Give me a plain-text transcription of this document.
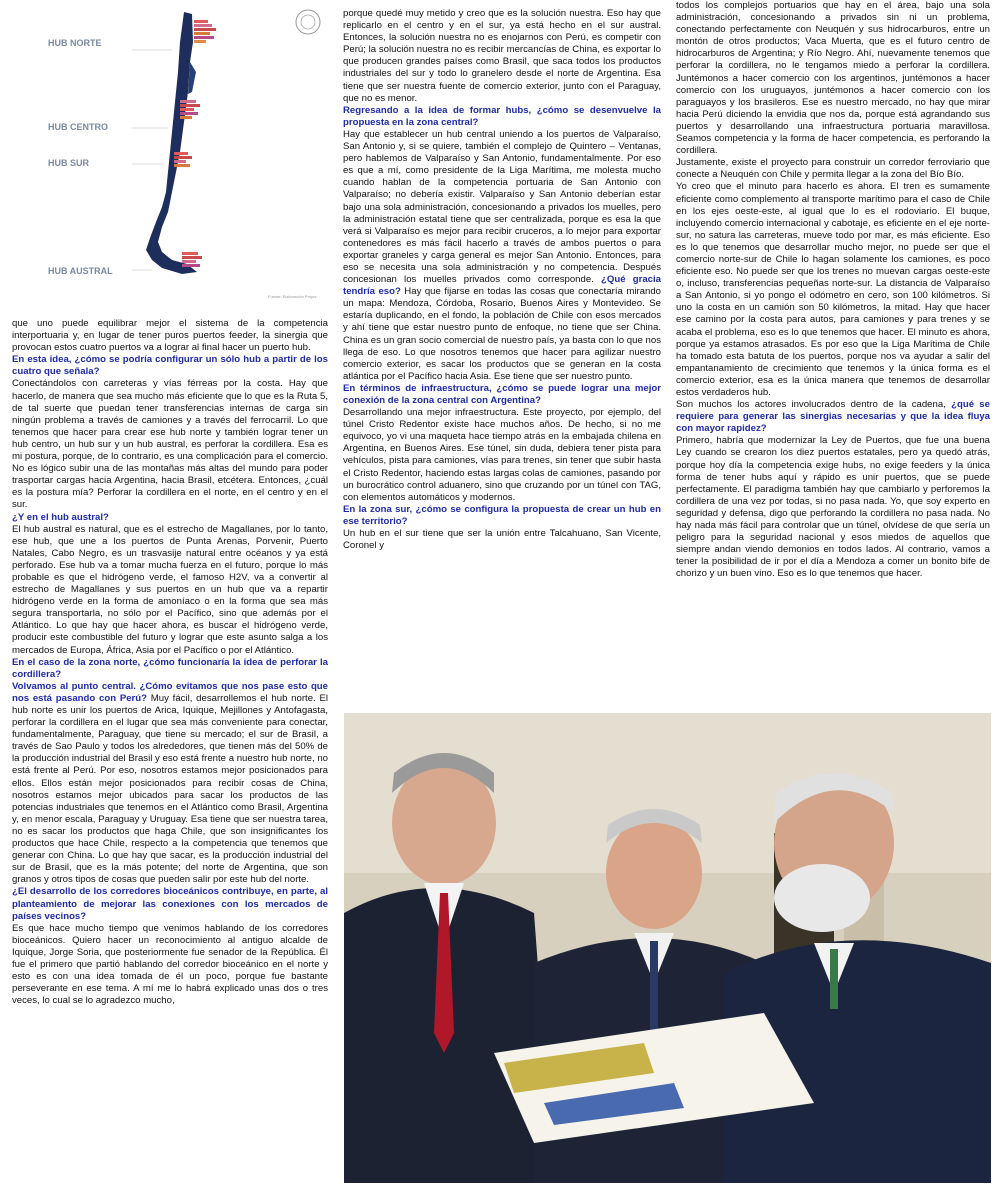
HUB NORTE
HUB CENTRO
HUB SUR
HUB AUSTRAL
Fuente: Elaboración Propia

que uno puede equilibrar mejor el sistema de la competencia interportuaria y, en lugar de tener puros puertos feeder, la sinergia que provocan estos cuatro puertos va a lograr al final hacer un puerto hub.

En esta idea, ¿cómo se podría configurar un sólo hub a partir de los cuatro que señala?

Conectándolos con carreteras y vías férreas por la costa. Hay que hacerlo, de manera que sea mucho más eficiente que lo que es la Ruta 5, de tal suerte que puedan tener transferencias internas de carga sin ningún problema a través de camiones y a través del ferrocarril. Lo que tenemos que hacer para crear ese hub norte y también lograr tener un hub centro, un hub sur y un hub austral, es perforar la cordillera. Esa es mi postura, porque, de lo contrario, es una complicación para el comercio. No es lógico subir una de las montañas más altas del mundo para poder trasportar cargas hacia Argentina, hacia Brasil, etcétera. Entonces, ¿cuál es la postura mía? Perforar la cordillera en el norte, en el centro y en el sur.

¿Y en el hub austral?

El hub austral es natural, que es el estrecho de Magallanes, por lo tanto, ese hub, que une a los puertos de Punta Arenas, Porvenir, Puerto Natales, Cabo Negro, es un trasvasije natural entre océanos y ya está perforado. Ese hub va a tomar mucha fuerza en el futuro, porque lo más probable es que el hidrógeno verde, el famoso H2V, va a convertir al estrecho de Magallanes y sus puertos en un hub que va a repartir hidrógeno verde en la forma de amoníaco o en la forma que sea más segura transportarla, no sólo por el Pacífico, sino que además por el Atlántico. Lo que hay que hacer ahora, es buscar el hidrógeno verde, producir este combustible del futuro y lograr que este asunto salga a los mercados de Europa, África, Asia por el Pacífico o por el Atlántico.

En el caso de la zona norte, ¿cómo funcionaría la idea de perforar la cordillera?

Volvamos al punto central. ¿Cómo evitamos que nos pase esto que nos está pasando con Perú? Muy fácil, desarrollemos el hub norte. El hub norte es unir los puertos de Arica, Iquique, Mejillones y Antofagasta, perforar la cordillera en el lugar que sea más conveniente para conectar, fundamentalmente, Paraguay, que tiene su mercado; el sur de Brasil, a través de Sao Paulo y todos los alrededores, que tienen más del 50% de la producción industrial del Brasil y eso está frente a nuestro hub norte, no está frente al Perú. Por eso, nosotros estamos mejor posicionados para ellos. Ellos están mejor posicionados para recibir cosas de China, nosotros estamos mejor ubicados para sacar los productos de las potencias industriales que tenemos en el Atlántico como Brasil, Argentina y, en menor escala, Paraguay y Uruguay. Esa tiene que ser nuestra tarea, no es sacar los productos que haga Chile, que son insignificantes los productos que hace Chile, respecto a la competencia que tenemos que generar con China. Lo que hay que sacar, es la producción industrial del sur de Brasil, que es la más potente; del norte de Argentina, que son granos y otros tipos de cosas que pueden salir por este hub del norte.

¿El desarrollo de los corredores bioceánicos contribuye, en parte, al planteamiento de mejorar las conexiones con los mercados de países vecinos?

Es que hace mucho tiempo que venimos hablando de los corredores bioceánicos. Quiero hacer un reconocimiento al antiguo alcalde de Iquique, Jorge Soria, que posteriormente fue senador de la República. Él fue el primero que partió hablando del corredor bioceánico en el norte y esto es con una idea tomada de él un poco, porque fue bastante perseverante en ese tema. A mí me lo habrá explicado unas dos o tres veces, lo cual se lo agradezco mucho,

porque quedé muy metido y creo que es la solución nuestra. Eso hay que replicarlo en el centro y en el sur, ya está hecho en el sur austral. Entonces, la solución nuestra no es enojarnos con Perú, es competir con Perú; la solución nuestra no es recibir mercancías de China, es exportar lo que producen grandes países como Brasil, que saca todos los productos industriales del sur y todo lo granelero desde el norte de Argentina. Esa tiene que ser nuestra fuente de comercio exterior, junto con el Paraguay, que no es menor.

Regresando a la idea de formar hubs, ¿cómo se desenvuelve la propuesta en la zona central?

Hay que establecer un hub central uniendo a los puertos de Valparaíso, San Antonio y, si se quiere, también el complejo de Quintero – Ventanas, pero hablemos de Valparaíso y San Antonio, fundamentalmente. Por eso es que a mí, como presidente de la Liga Marítima, me molesta mucho cuando hablan de la competencia portuaria de San Antonio con Valparaíso; no debería existir. Valparaíso y San Antonio deberían estar bajo una sola administración, concesionando a privados los muelles, pero la administración estatal tiene que ser centralizada, porque es esa la que verá si Valparaíso es mejor para recibir cruceros, a lo mejor para exportar contenedores es más fácil hacerlo a través de ambos puertos o para exportar graneles y carga general es mejor San Antonio. Entonces, para eso se necesita una sola administración y no competencia. Después concesionan los muelles privados como corresponde. ¿Qué gracia tendría eso? Hay que fijarse en todas las cosas que conectaría mirando un mapa: Mendoza, Córdoba, Rosario, Buenos Aires y Montevideo. Se estaría duplicando, en el fondo, la población de Chile con esos mercados y ahí tiene que estar nuestro punto de enfoque, no tiene que ser China. China es un gran socio comercial de nuestro país, ya basta con lo que nos llega de eso. Lo que nosotros tenemos que hacer para agilizar nuestro comercio exterior, es sacar los productos que se generan en la costa atlántica por el Pacífico hacia Asia. Ese tiene que ser nuestro punto.

En términos de infraestructura, ¿cómo se puede lograr una mejor conexión de la zona central con Argentina?

Desarrollando una mejor infraestructura. Este proyecto, por ejemplo, del túnel Cristo Redentor existe hace muchos años. De hecho, si no me equivoco, yo vi una maqueta hace tiempo atrás en la embajada chilena en Argentina, en Buenos Aires. Ese túnel, sin duda, debiera tener pista para vehículos, pista para camiones, vías para trenes, sin tener que subir hasta el Cristo Redentor, haciendo estas largas colas de camiones, pasando por un burocrático control aduanero, sino que cruzando por un túnel con TAG, con elementos automáticos y modernos.

En la zona sur, ¿cómo se configura la propuesta de crear un hub en ese territorio?

Un hub en el sur tiene que ser la unión entre Talcahuano, San Vicente, Coronel y

todos los complejos portuarios que hay en el área, bajo una sola administración, concesionando a privados sin ni un problema, conectando perfectamente con Neuquén y sus hidrocarburos, entre un montón de otros productos; Vaca Muerta, que es el futuro centro de hidrocarburos de Argentina; y Río Negro. Ahí, nuevamente tenemos que perforar la cordillera, no le tengamos miedo a perforar la cordillera. Juntémonos a hacer comercio con los argentinos, juntémonos a hacer comercio con los uruguayos, juntémonos a hacer comercio con los paraguayos y los brasileros. Ese es nuestro mercado, no hay que mirar hacia Perú diciendo la envidia que nos da, porque está agrandando sus puertos y desarrollando una infraestructura portuaria maravillosa. Seamos competencia y la forma de hacer competencia, es perforando la cordillera.

Justamente, existe el proyecto para construir un corredor ferroviario que conecte a Neuquén con Chile y permita llegar a la zona del Bío Bío.

Yo creo que el minuto para hacerlo es ahora. El tren es sumamente eficiente como complemento al transporte marítimo para el caso de Chile en los ejes oeste-este, al igual que lo es el rodoviario. El buque, incluyendo comercio internacional y cabotaje, es eficiente en el eje norte-sur, no satura las carreteras, mueve todo por mar, es más eficiente. Eso es lo que tenemos que desarrollar mucho mejor, no puede ser que el comercio norte-sur de Chile lo hagan solamente los camiones, es poco eficiente eso. No puede ser que los trenes no muevan cargas oeste-este o, incluso, transferencias pequeñas norte-sur. La distancia de Valparaíso a San Antonio, si yo pongo el odómetro en cero, son 100 kilómetros. Si uno la costa en un camión son 50 kilómetros, la mitad. Hay que hacer ese camino por la costa para autos, para camiones y para trenes y se acaba el problema, eso es lo que tenemos que hacer. El minuto es ahora, porque ya estamos atrasados. Es por eso que la Liga Marítima de Chile ha tomado esta batuta de los puertos, porque nos va ayudar a salir del empantanamiento de crecimiento que tenemos y la única forma es el comercio exterior, esa es la única manera que tenemos de desarrollar estos verdaderos hub.

Son muchos los actores involucrados dentro de la cadena, ¿qué se requiere para generar las sinergias necesarias y que la idea fluya con mayor rapidez?

Primero, habría que modernizar la Ley de Puertos, que fue una buena Ley cuando se crearon los diez puertos estatales, pero ya quedó atrás, porque hoy día la competencia exige hubs, no exige feeders y la única forma de tener hubs aquí y rápido es unir puertos, que se puede perfectamente. El paradigma también hay que cambiarlo y perforemos la cordillera de una vez por todas, si no pasa nada. Yo, que soy experto en seguridad y defensa, digo que perforando la cordillera no pasa nada. No hay nada más fácil para controlar que un túnel, olvídese de que sería un peligro para la seguridad nacional y esos miedos de aquellos que siempre andan viendo demonios en todos lados. Al contrario, vamos a tener la posibilidad de ir por el día a Mendoza a comer un bonito bife de chorizo y un buen vino. Eso es lo que tenemos que hacer.
